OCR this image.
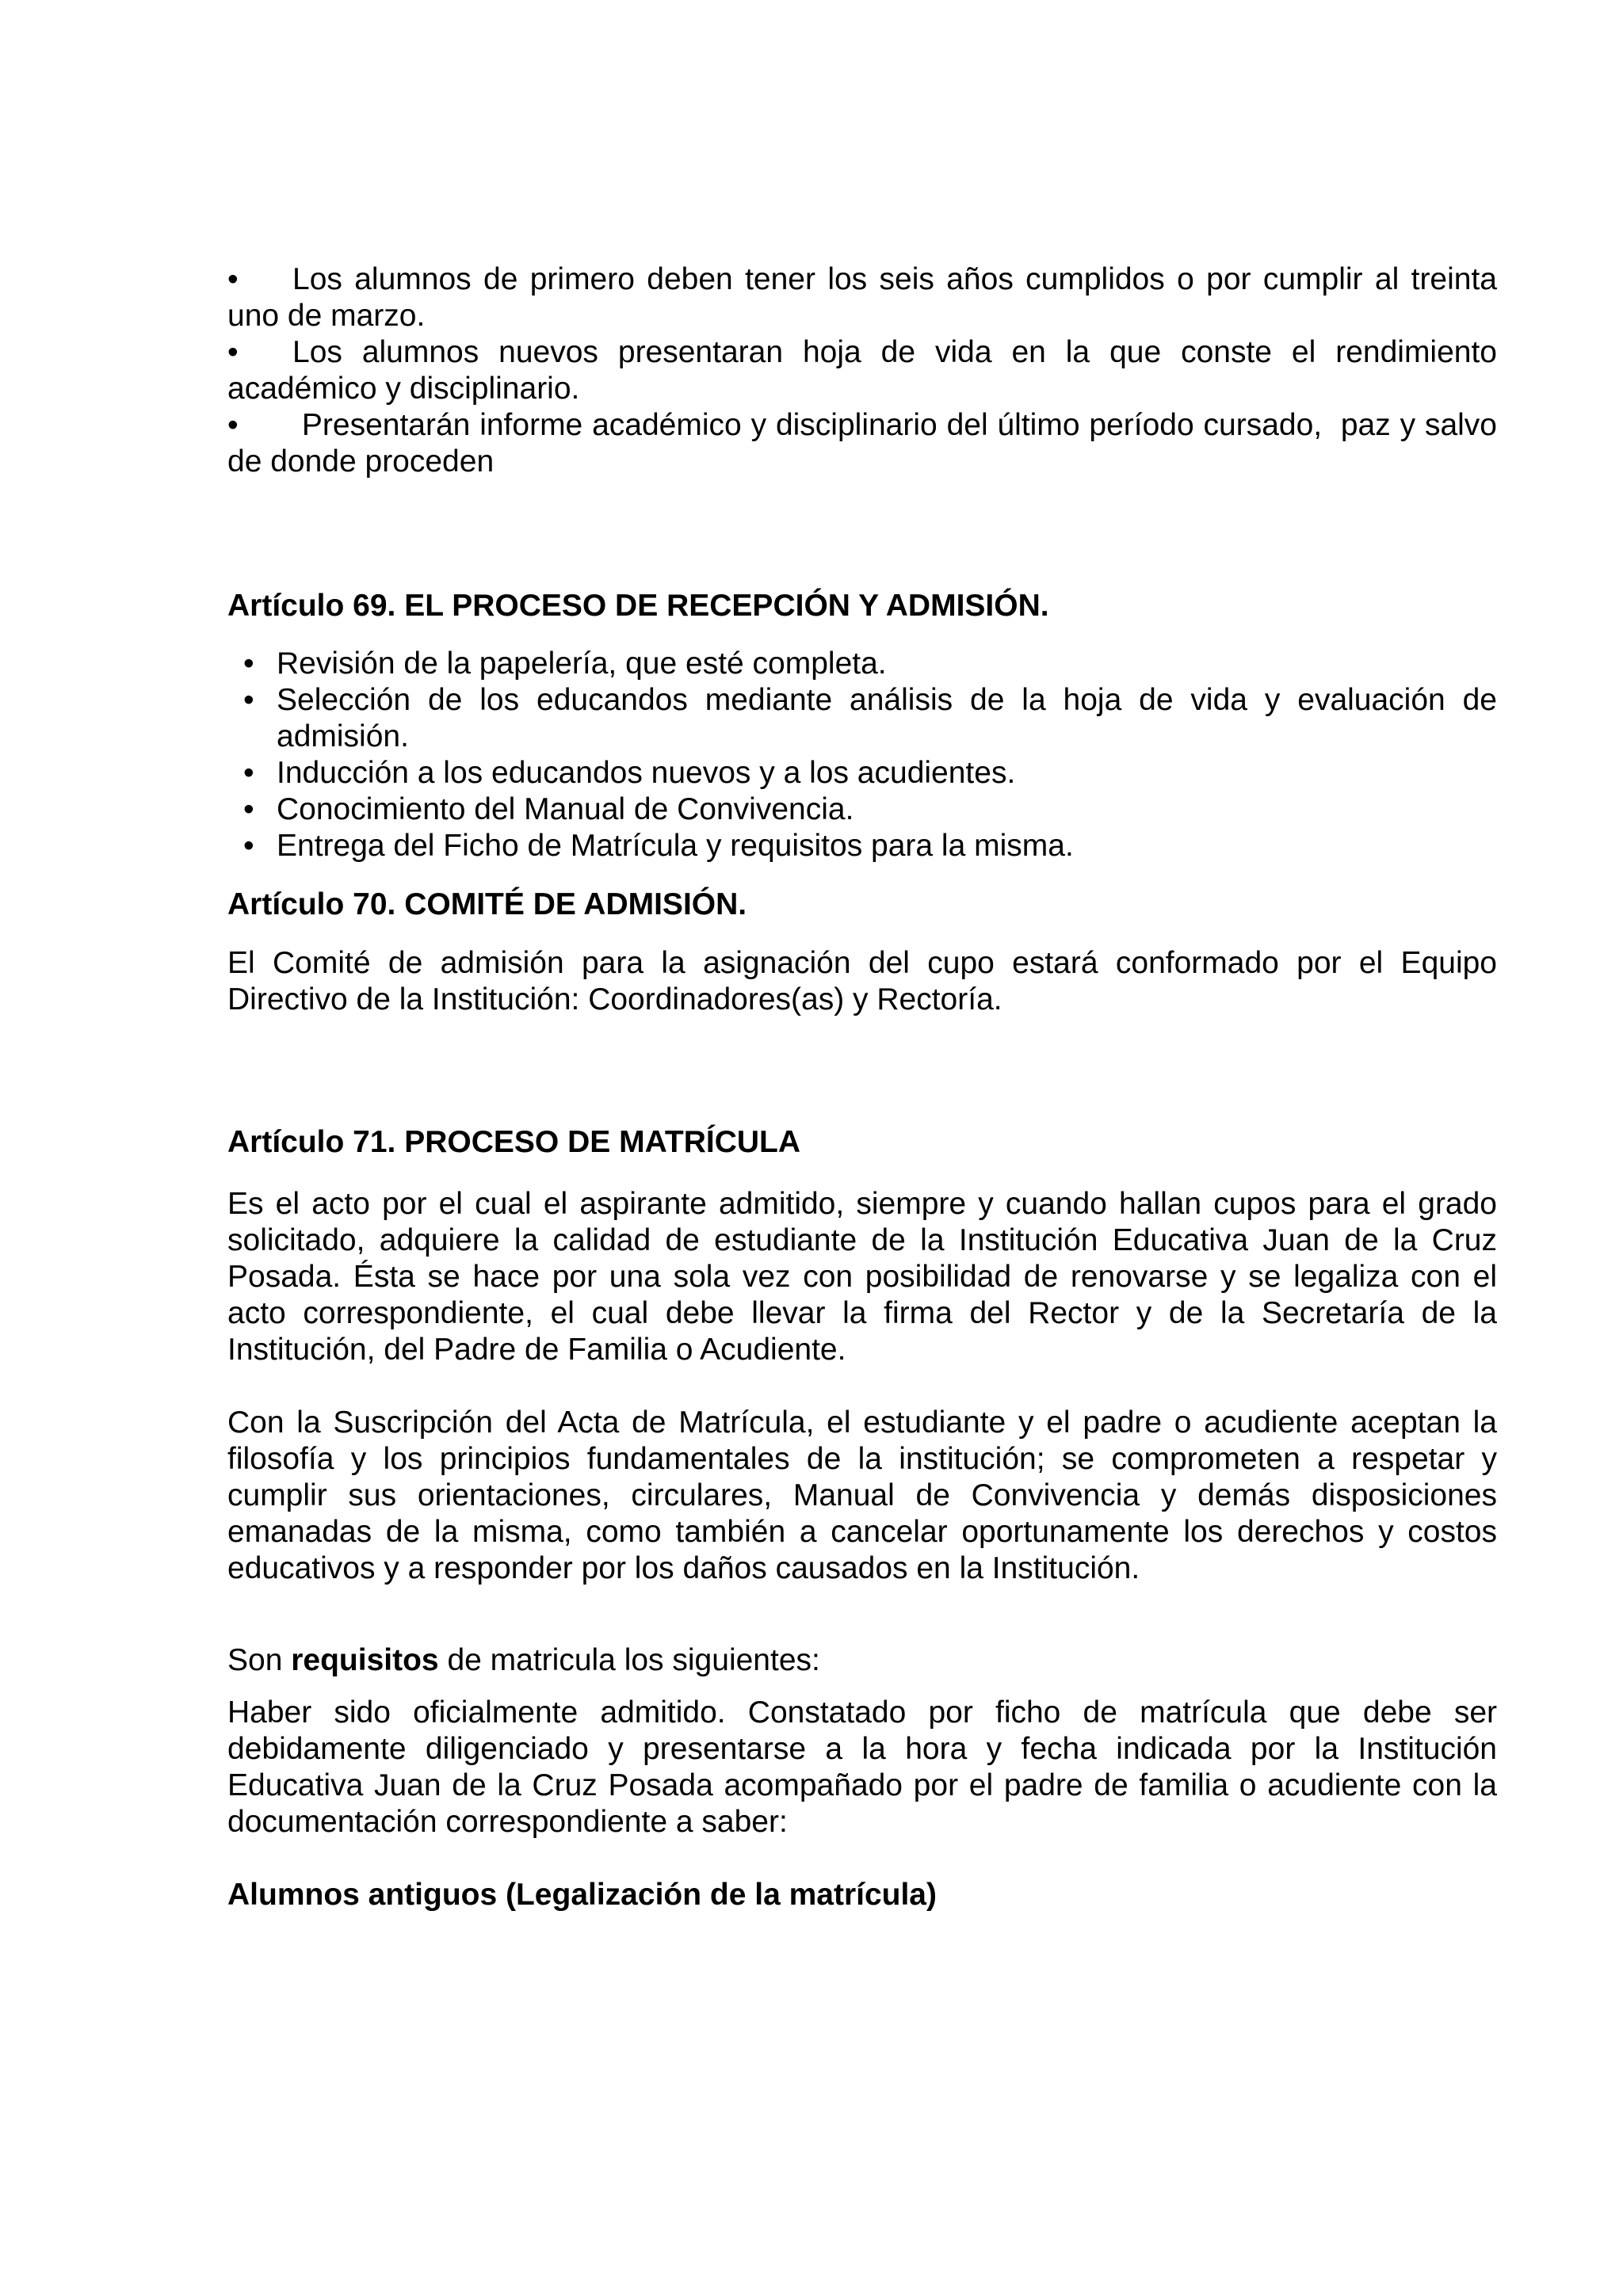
• Los alumnos de primero deben tener los seis años cumplidos o por cumplir al treinta uno de marzo.

• Los alumnos nuevos presentaran hoja de vida en la que conste el rendimiento académico y disciplinario.

• Presentarán informe académico y disciplinario del último período cursado,  paz y salvo de donde proceden

Artículo 69. EL PROCESO DE RECEPCIÓN Y ADMISIÓN.

• Revisión de la papelería, que esté completa.
• Selección de los educandos mediante análisis de la hoja de vida y evaluación de admisión.
• Inducción a los educandos nuevos y a los acudientes.
• Conocimiento del Manual de Convivencia.
• Entrega del Ficho de Matrícula y requisitos para la misma.

Artículo 70. COMITÉ DE ADMISIÓN.

El Comité de admisión para la asignación del cupo estará conformado por el Equipo Directivo de la Institución: Coordinadores(as) y Rectoría.

Artículo 71. PROCESO DE MATRÍCULA

Es el acto por el cual el aspirante admitido, siempre y cuando hallan cupos para el grado solicitado, adquiere la calidad de estudiante de la Institución Educativa Juan de la Cruz Posada. Ésta se hace por una sola vez con posibilidad de renovarse y se legaliza con el acto correspondiente, el cual debe llevar la firma del Rector y de la Secretaría de la Institución, del Padre de Familia o Acudiente.

Con la Suscripción del Acta de Matrícula, el estudiante y el padre o acudiente aceptan la filosofía y los principios fundamentales de la institución; se comprometen a respetar y cumplir sus orientaciones, circulares, Manual de Convivencia y demás disposiciones emanadas de la misma, como también a cancelar oportunamente los derechos y costos educativos y a responder por los daños causados en la Institución.

Son requisitos de matricula los siguientes:

Haber sido oficialmente admitido. Constatado por ficho de matrícula que debe ser debidamente diligenciado y presentarse a la hora y fecha indicada por la Institución Educativa Juan de la Cruz Posada acompañado por el padre de familia o acudiente con la documentación correspondiente a saber:

Alumnos antiguos (Legalización de la matrícula)
